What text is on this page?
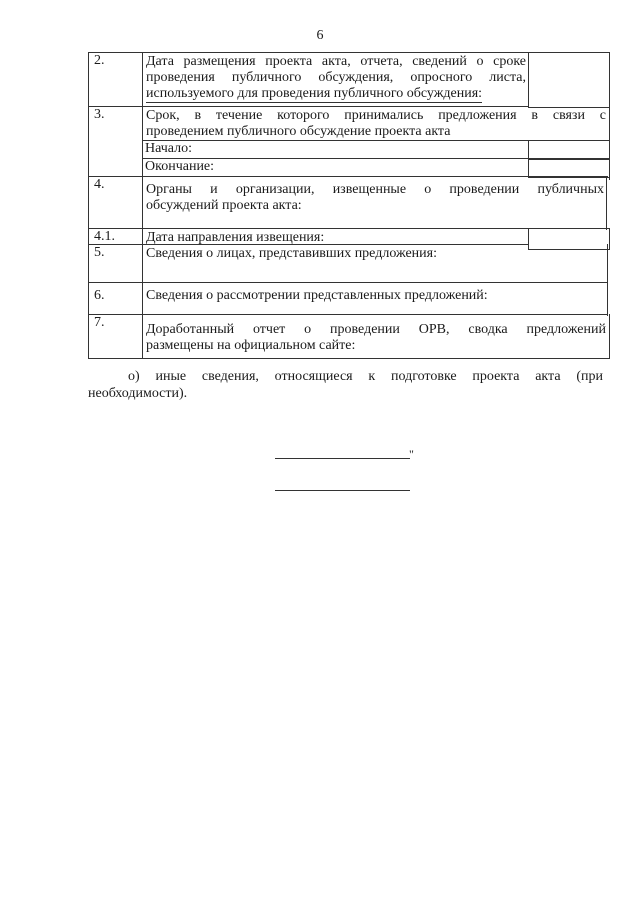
6
2.	Дата размещения проекта акта, отчета, сведений о сроке
проведения публичного обсуждения, опросного листа,
используемого для проведения публичного обсуждения:
3.	Срок, в течение которого принимались предложения в связи с
проведением публичного обсуждение проекта акта
Начало:
Окончание:
4.	Органы и организации, извещенные о проведении публичных
обсуждений проекта акта:
4.1. Дата направления извещения:
5.	Сведения о лицах, представивших предложения:
6.	Сведения о рассмотрении представленных предложений:
7.	Доработанный отчет о проведении ОРВ, сводка предложений
размещены на официальном сайте:
о) иные сведения, относящиеся к подготовке проекта акта (при
необходимости).
"
